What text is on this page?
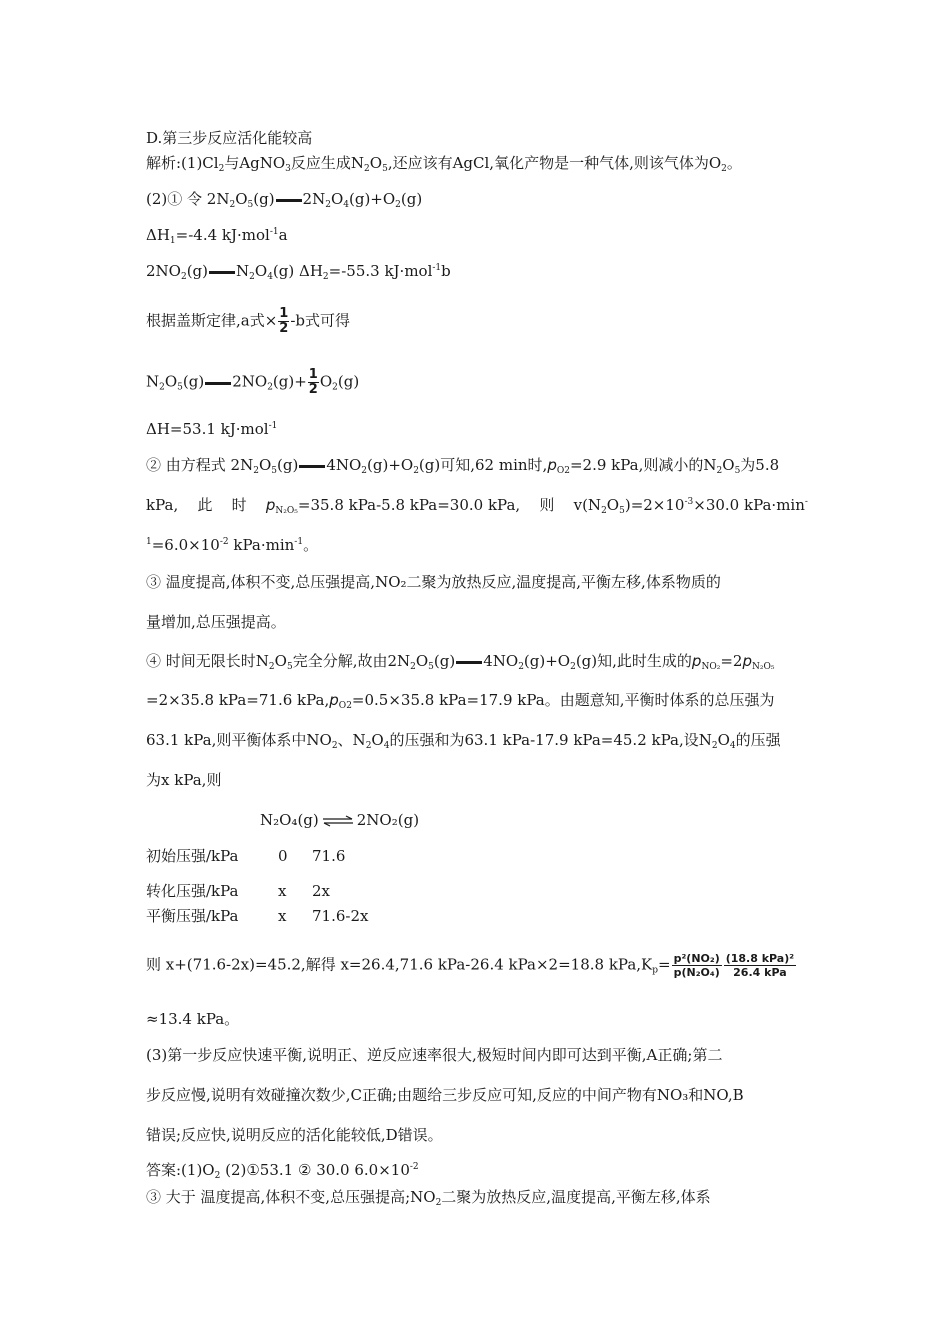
D.第三步反应活化能较高
解析$:(1)Cl_2$与AgNO$_3$反应生成$N_2O_5$,还应该有AgCl,氧化产物是一种气体,则该气体为$O_2$。
(2)① 令 $2N_2O_5(g)$ $2N_2O_4(g)+O_2(g)$
$\Delta H_1=-4.4$ kJ·mol$^{-1}$a
$2NO_2(g)$ $N_2O_4(g)$ $\Delta H_2=-55.3$ kJ·mol$^{-1}$b
根据盖斯定律,a式× $\frac{1}{2} -b$式可得
$N_2O_5(g)$ $2NO_2(g)+ \frac{1}{2} O_2(g)$
ΔH=53.1 kJ·mol$^{-1}$
② 由方程式 $2N_2O_5(g)$ $4NO_2(g)+O_2(g)$可知,62 min时$,p_{O2}=2.9$ kPa,则减小的$N_2O_5$为5.8
kPa, 此 时 $p_{N_2O_5}=35.8$ kPa-5.8 kPa=30.0 kPa, 则 $v(N_2O_5)=2\times 10^{-3}\times 30.0$ kPa·min-
$^1=6.0\times 10^{-2}$ $kPa\cdot\min^{-1}$。
③ 温度提高,体积不变,总压强提高,NO₂二聚为放热反应,温度提高,平衡左移,体系物质的
量增加,总压强提高。
④ 时间无限长时$N_2O_5$完全分解,故由$2N_2O_5(g)$ $4NO_2(g)+O_2(g)$知,此时生成的$p_{NO_2}=2p_{N_2O_5}$
=2×35.8 kPa=71.6 $kPa,p_{O2}=0.5\times 35.8$ kPa=17.9 kPa。由题意知,平衡时体系的总压强为
63.1 kPa,则平衡体系中$NO_2$、$N_2O_4$的压强和为63.1 kPa-17.9 kPa=45.2 kPa,设$N_2O_4$的压强
为x kPa,则
N₂O₄(g) ⇌ 2NO₂(g)
初始压强/kPa	0 71.6
转化压强/kPa	x 2x
平衡压强/kPa	x 71.6-2x
则 x+(71.6-2x)=45.2,解得 x=26.4,71.6 kPa-26.4 kPa×2=18.8 $kPa,K_p= \frac{\text{p²(NO₂)}}{\text{p(N₂O₄)}} \frac{\text{(18.8 kPa)²}}{\text{26.4 kPa}}$
≈13.4 kPa。
(3)第一步反应快速平衡,说明正、逆反应速率很大,极短时间内即可达到平衡,A正确;第二
步反应慢,说明有效碰撞次数少,C正确;由题给三步反应可知,反应的中间产物有NO₃和NO,B
错误;反应快,说明反应的活化能较低,D错误。
答案$:(1)O_2$ (2)①53.1 ② 30.0 $6.0\times 10^{-2}$
③ 大于 温度提高,体积不变,总压强提高$;NO_2$二聚为放热反应,温度提高,平衡左移,体系
